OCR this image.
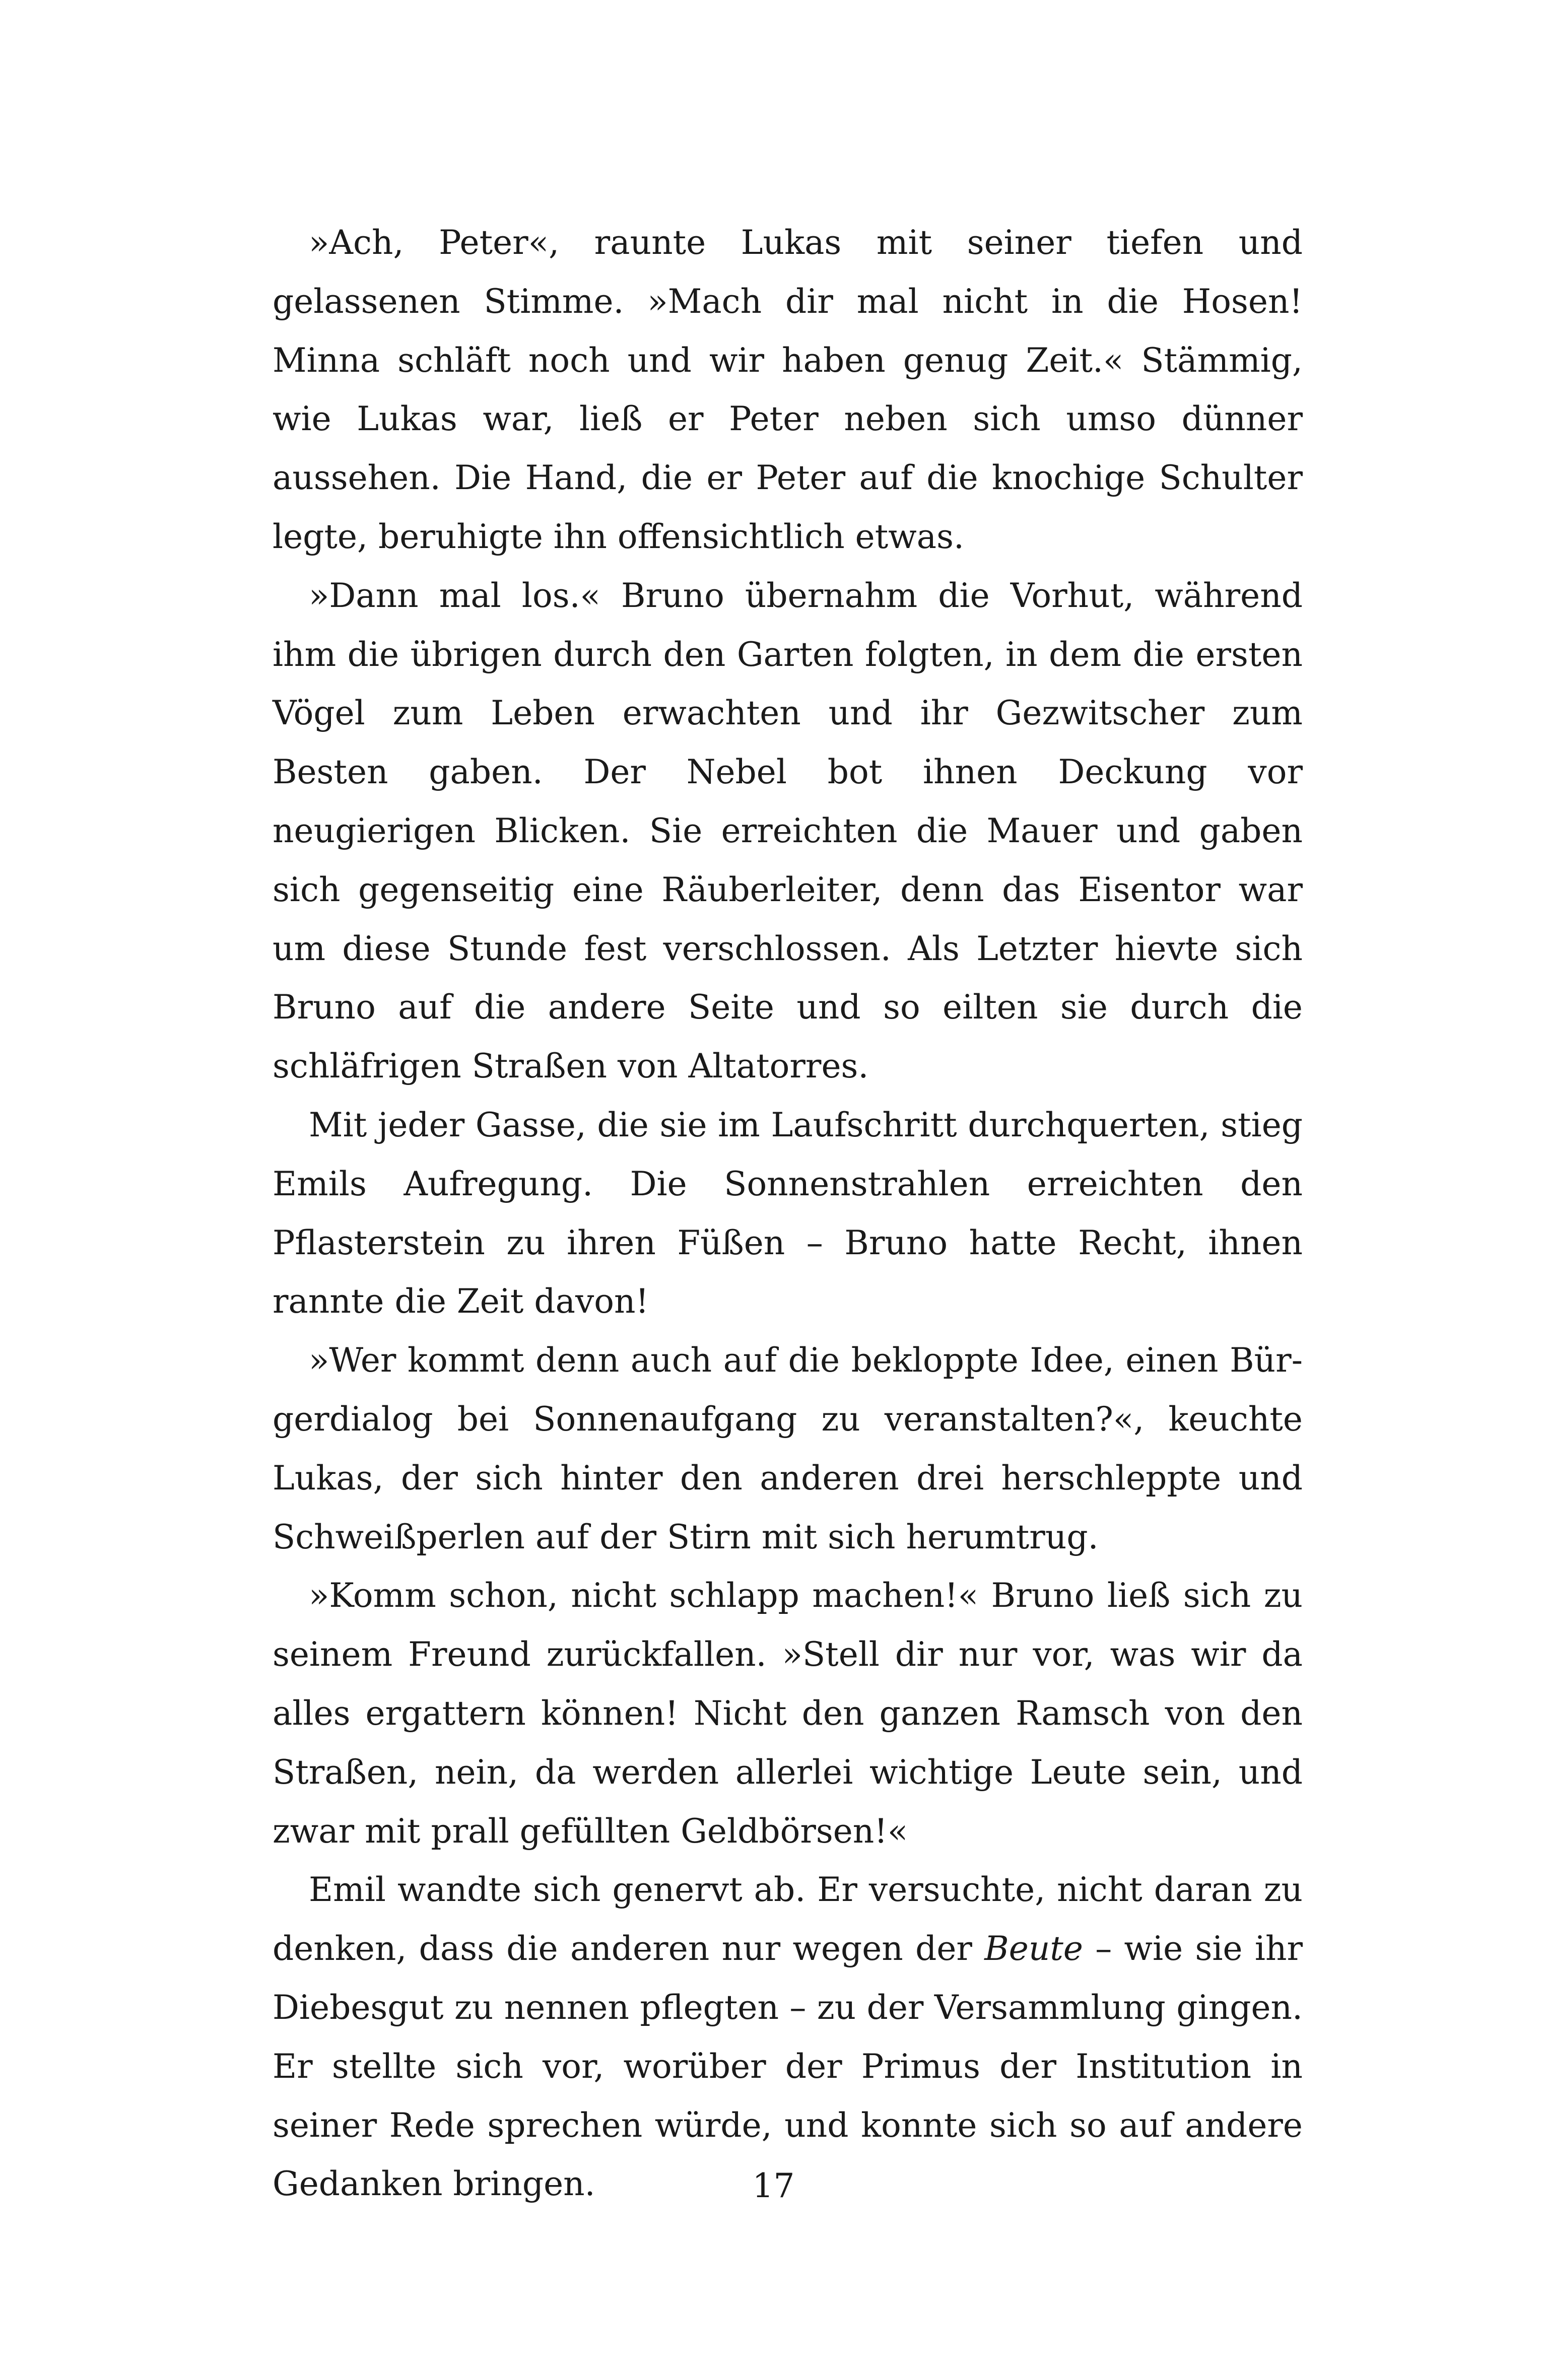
»Ach, Peter«, raunte Lukas mit seiner tiefen und gelassenen Stimme. »Mach dir mal nicht in die Hosen! Minna schläft noch und wir haben genug Zeit.« Stämmig, wie Lukas war, ließ er Peter neben sich umso dünner aussehen. Die Hand, die er Peter auf die knochige Schulter legte, beruhigte ihn offensichtlich etwas.

»Dann mal los.« Bruno übernahm die Vorhut, während ihm die übrigen durch den Garten folgten, in dem die ersten Vögel zum Leben erwachten und ihr Gezwitscher zum Besten gaben. Der Nebel bot ihnen Deckung vor neugierigen Blicken. Sie erreichten die Mauer und gaben sich gegenseitig eine Räuberleiter, denn das Eisentor war um diese Stunde fest verschlossen. Als Letzter hievte sich Bruno auf die andere Seite und so eilten sie durch die schläfrigen Straßen von Altatorres.

Mit jeder Gasse, die sie im Laufschritt durchquerten, stieg Emils Aufregung. Die Sonnenstrahlen erreichten den Pflasterstein zu ihren Füßen – Bruno hatte Recht, ihnen rannte die Zeit davon!

»Wer kommt denn auch auf die bekloppte Idee, einen Bürgerdialog bei Sonnenaufgang zu veranstalten?«, keuchte Lukas, der sich hinter den anderen drei herschleppte und Schweißperlen auf der Stirn mit sich herumtrug.

»Komm schon, nicht schlapp machen!« Bruno ließ sich zu seinem Freund zurückfallen. »Stell dir nur vor, was wir da alles ergattern können! Nicht den ganzen Ramsch von den Straßen, nein, da werden allerlei wichtige Leute sein, und zwar mit prall gefüllten Geldbörsen!«

Emil wandte sich genervt ab. Er versuchte, nicht daran zu denken, dass die anderen nur wegen der Beute – wie sie ihr Diebesgut zu nennen pflegten – zu der Versammlung gingen. Er stellte sich vor, worüber der Primus der Institution in seiner Rede sprechen würde, und konnte sich so auf andere Gedanken bringen.	17
